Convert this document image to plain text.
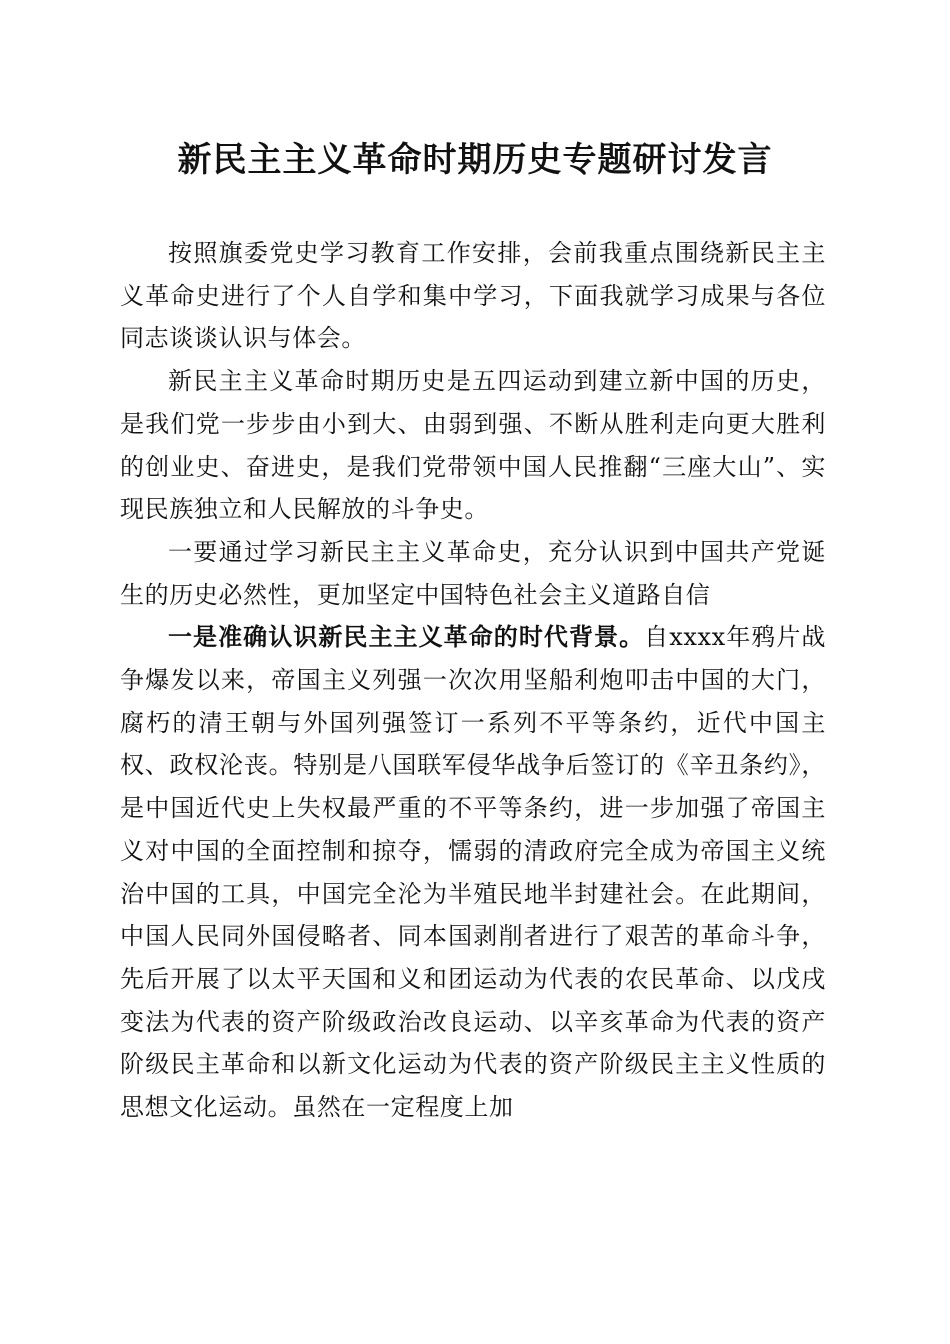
新民主主义革命时期历史专题研讨发言

按照旗委党史学习教育工作安排，会前我重点围绕新民主主义革命史进行了个人自学和集中学习，下面我就学习成果与各位同志谈谈认识与体会。

新民主主义革命时期历史是五四运动到建立新中国的历史，是我们党一步步由小到大、由弱到强、不断从胜利走向更大胜利的创业史、奋进史，是我们党带领中国人民推翻“三座大山”、实现民族独立和人民解放的斗争史。

一要通过学习新民主主义革命史，充分认识到中国共产党诞生的历史必然性，更加坚定中国特色社会主义道路自信

一是准确认识新民主主义革命的时代背景。自xxxx年鸦片战争爆发以来，帝国主义列强一次次用坚船利炮叩击中国的大门，腐朽的清王朝与外国列强签订一系列不平等条约，近代中国主权、政权沦丧。特别是八国联军侵华战争后签订的《辛丑条约》，是中国近代史上失权最严重的不平等条约，进一步加强了帝国主义对中国的全面控制和掠夺，懦弱的清政府完全成为帝国主义统治中国的工具，中国完全沦为半殖民地半封建社会。在此期间，中国人民同外国侵略者、同本国剥削者进行了艰苦的革命斗争，先后开展了以太平天国和义和团运动为代表的农民革命、以戊戌变法为代表的资产阶级政治改良运动、以辛亥革命为代表的资产阶级民主革命和以新文化运动为代表的资产阶级民主主义性质的思想文化运动。虽然在一定程度上加
